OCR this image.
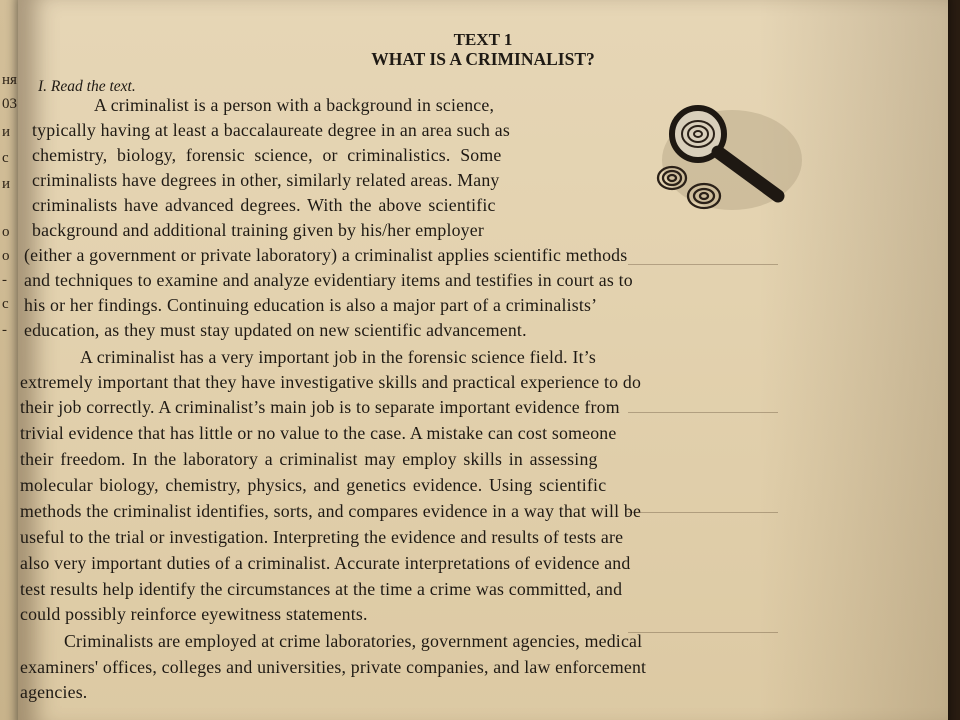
ня
03
и
с
и
о
о
-
с
-
TEXT 1
WHAT IS A CRIMINALIST?
I. Read the text.
A criminalist is a person with a background in science,
typically having at least a baccalaureate degree in an area such as
chemistry, biology, forensic science, or criminalistics. Some
criminalists have degrees in other, similarly related areas. Many
criminalists have advanced degrees. With the above scientific
background and additional training given by his/her employer
(either a government or private laboratory) a criminalist applies scientific methods
and techniques to examine and analyze evidentiary items and testifies in court as to
his or her findings. Continuing education is also a major part of a criminalists’
education, as they must stay updated on new scientific advancement.
A criminalist has a very important job in the forensic science field. It’s
extremely important that they have investigative skills and practical experience to do
their job correctly. A criminalist’s main job is to separate important evidence from
trivial evidence that has little or no value to the case. A mistake can cost someone
their freedom. In the laboratory a criminalist may employ skills in assessing
molecular biology, chemistry, physics, and genetics evidence. Using scientific
methods the criminalist identifies, sorts, and compares evidence in a way that will be
useful to the trial or investigation. Interpreting the evidence and results of tests are
also very important duties of a criminalist. Accurate interpretations of evidence and
test results help identify the circumstances at the time a crime was committed, and
could possibly reinforce eyewitness statements.
Criminalists are employed at crime laboratories, government agencies, medical
examiners' offices, colleges and universities, private companies, and law enforcement
agencies.
